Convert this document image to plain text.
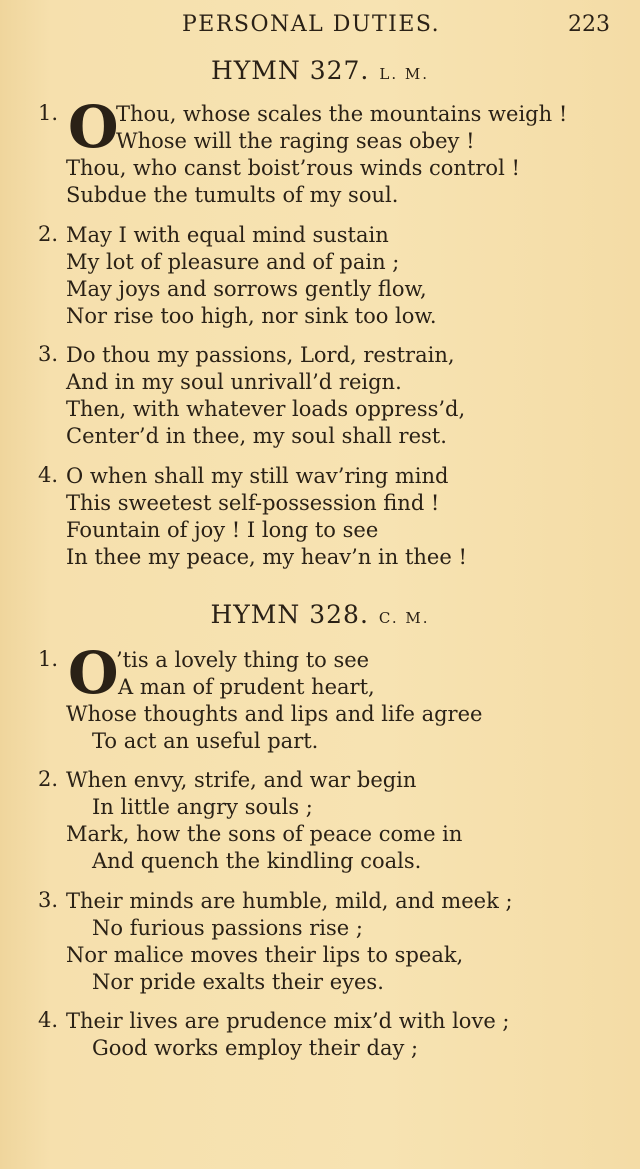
PERSONAL DUTIES.	223
HYMN 327. L. M.
1. O
Thou, whose scales the mountains weigh !
Whose will the raging seas obey !
Thou, who canst boist’rous winds control !
Subdue the tumults of my soul.
2. May I with equal mind sustain
My lot of pleasure and of pain ;
May joys and sorrows gently flow,
Nor rise too high, nor sink too low.
3. Do thou my passions, Lord, restrain,
And in my soul unrivall’d reign.
Then, with whatever loads oppress’d,
Center’d in thee, my soul shall rest.
4. O when shall my still wav’ring mind
This sweetest self-possession find !
Fountain of joy ! I long to see
In thee my peace, my heav’n in thee !
HYMN 328. C. M.
1. O
’tis a lovely thing to see
A man of prudent heart,
Whose thoughts and lips and life agree
To act an useful part.
2. When envy, strife, and war begin
In little angry souls ;
Mark, how the sons of peace come in
And quench the kindling coals.
3. Their minds are humble, mild, and meek ;
No furious passions rise ;
Nor malice moves their lips to speak,
Nor pride exalts their eyes.
4. Their lives are prudence mix’d with love ;
Good works employ their day ;
